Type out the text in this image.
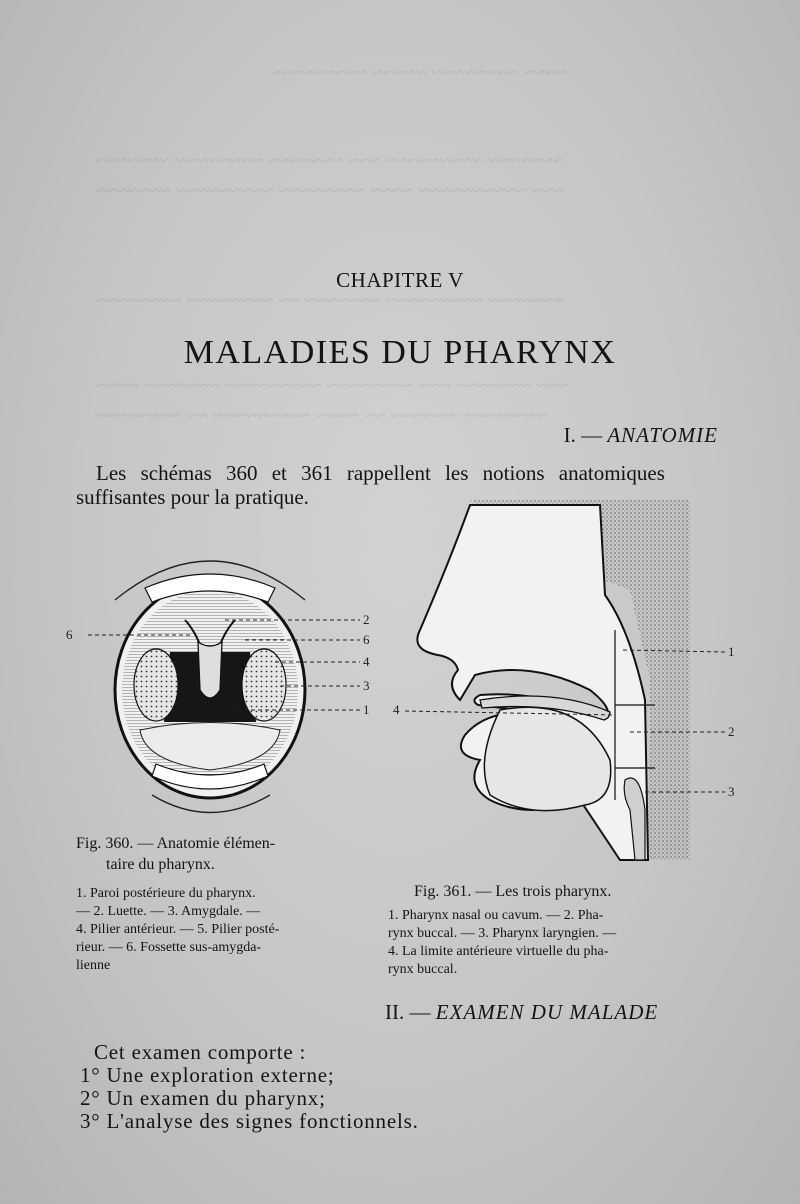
~~~~ ~~~~~~~~ ~~~~~ ~~~~~~~~~
~~~~~~~ ~~~~~~~~~ ~~~ ~~~~~~~ ~~~~~~~~ ~~~~~~~
~~~ ~~~~~~~~~~ ~~~~ ~~~~~~~~ ~~~~~~~~~ ~~~~~~~
~~~~~~~ ~~~~~~~~~ ~~~~~~~ ~~ ~~~~~~~~ ~~~~~~~~
~~~ ~~~~~~~ ~~~ ~~~~~~~~ ~~~~~~~~~ ~~~~~~~ ~~~~
~~~~~~~~ ~~~~~~ ~~ ~~~~ ~~~~~~~~~ ~~ ~~~~~~~~
CHAPITRE V
MALADIES DU PHARYNX
I. — ANATOMIE
Les schémas 360 et 361 rappellent les notions anatomiques
suffisantes pour la pratique.
6
2
6
4
3
1
1
2
3
4
Fig. 360. — Anatomie élémen-
taire du pharynx.
1. Paroi postérieure du pharynx.
— 2. Luette. — 3. Amygdale. —
4. Pilier antérieur. — 5. Pilier posté-
rieur. — 6. Fossette sus-amygda-
lienne
Fig. 361. — Les trois pharynx.
1. Pharynx nasal ou cavum. — 2. Pha-
rynx buccal. — 3. Pharynx laryngien. —
4. La limite antérieure virtuelle du pha-
rynx buccal.
II. — EXAMEN DU MALADE
Cet examen comporte :
1° Une exploration externe;
2° Un examen du pharynx;
3° L'analyse des signes fonctionnels.
